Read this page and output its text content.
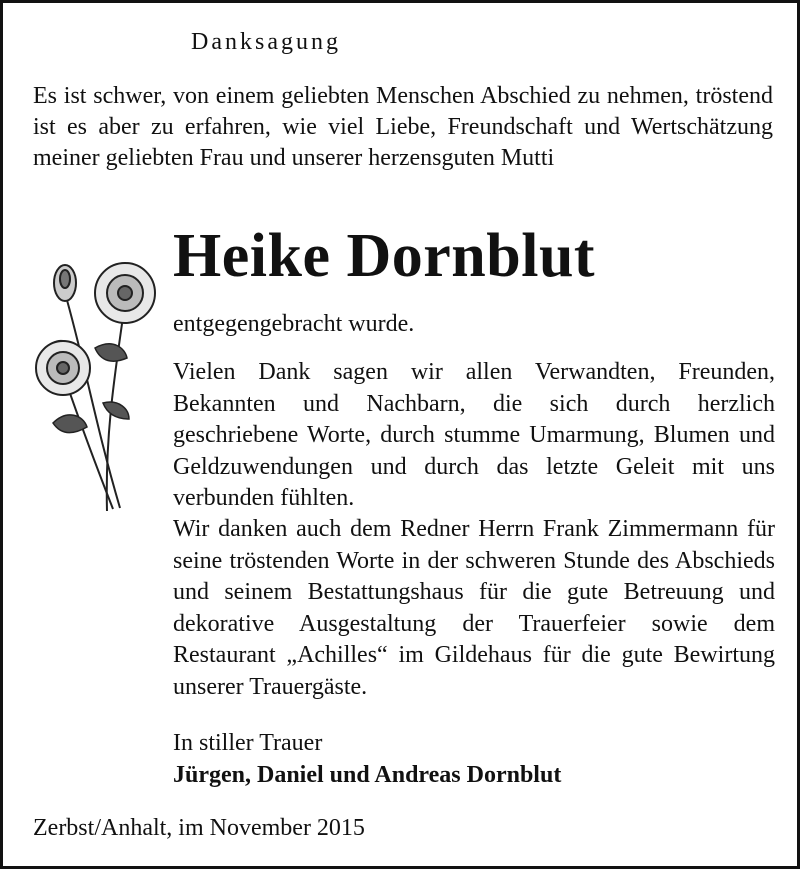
Danksagung

Es ist schwer, von einem geliebten Menschen Abschied zu nehmen, tröstend ist es aber zu erfahren, wie viel Liebe, Freundschaft und Wertschätzung meiner geliebten Frau und unserer herzensguten Mutti

Heike Dornblut

entgegengebracht wurde.

Vielen Dank sagen wir allen Verwandten, Freunden, Bekannten und Nachbarn, die sich durch herzlich geschriebene Worte, durch stumme Umarmung, Blumen und Geldzuwendungen und durch das letzte Geleit mit uns verbunden fühlten.

Wir danken auch dem Redner Herrn Frank Zimmermann für seine tröstenden Worte in der schweren Stunde des Abschieds und seinem Bestattungshaus für die gute Betreuung und dekorative Ausgestaltung der Trauerfeier sowie dem Restaurant „Achilles“ im Gildehaus für die gute Bewirtung unserer Trauergäste.

In stiller Trauer

Jürgen, Daniel und Andreas Dornblut

Zerbst/Anhalt, im November 2015
